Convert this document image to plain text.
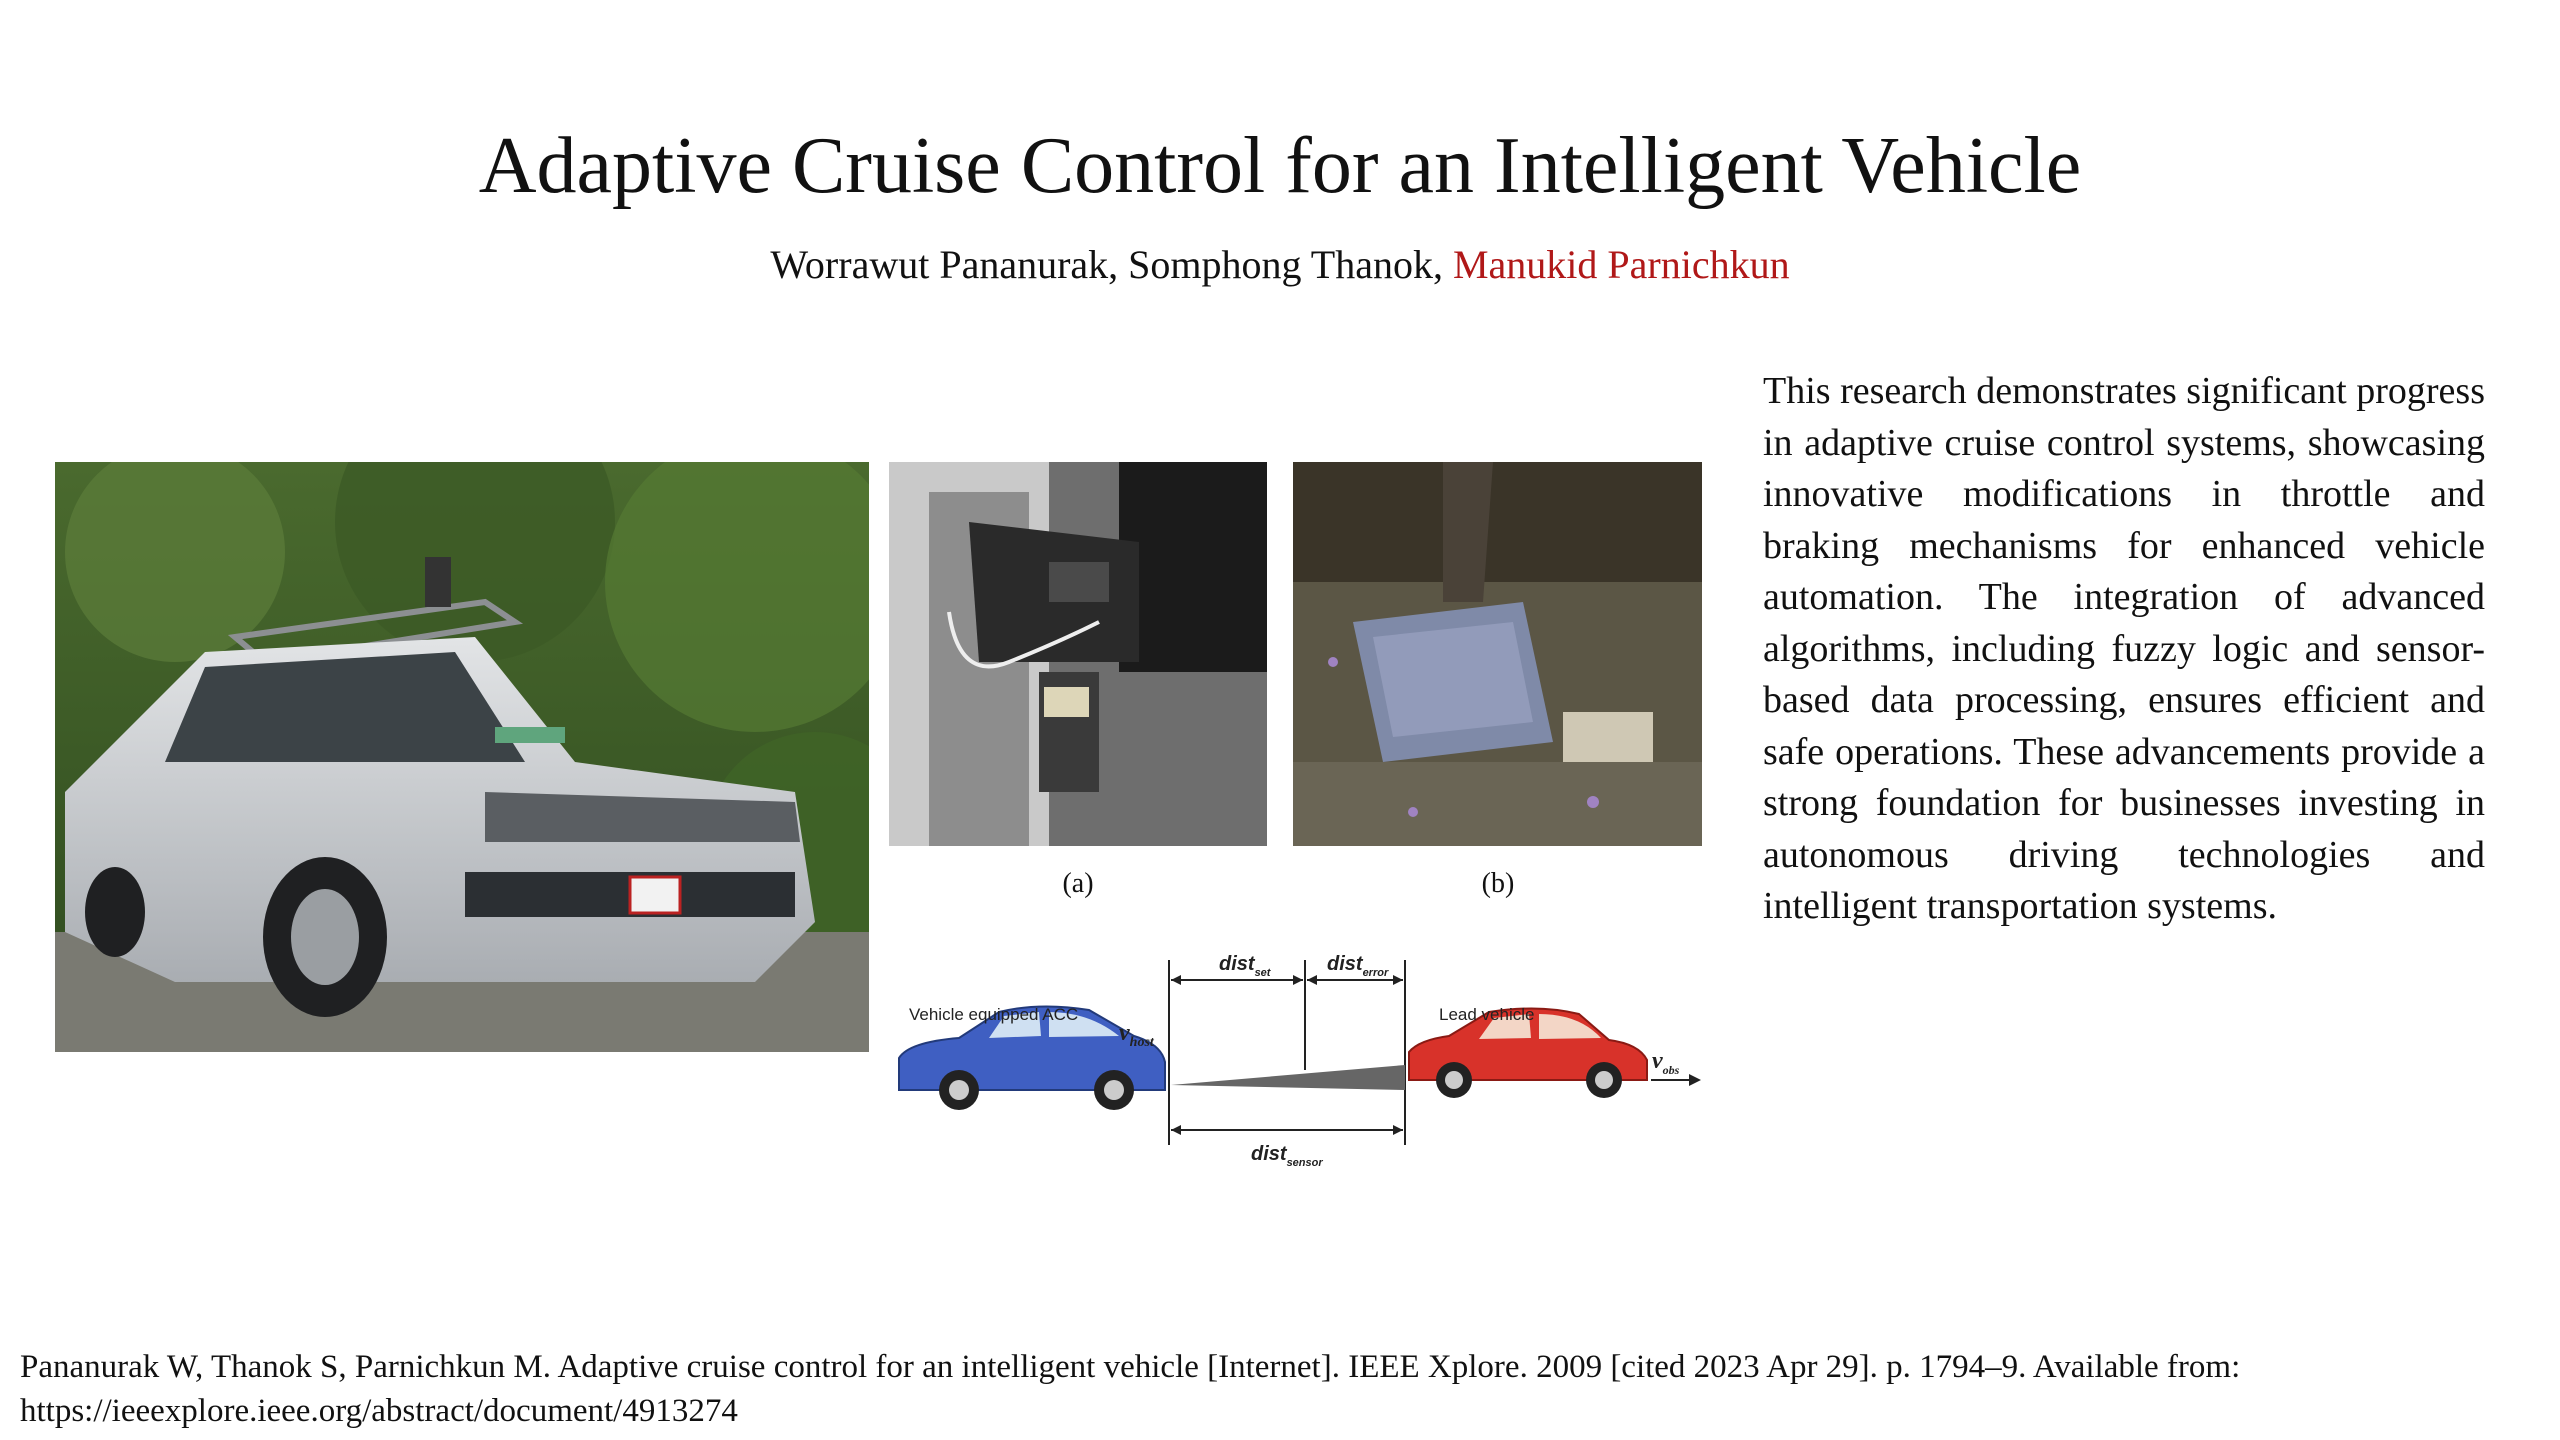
Adaptive Cruise Control for an Intelligent Vehicle
Worrawut Pananurak, Somphong Thanok, Manukid Parnichkun
(a)	(b)
dist$_{set}$	dist$_{error}$
dist$_{sensor}$
Vehicle equipped ACC
$v_{host}$
Lead vehicle
$v_{obs}$
This research demonstrates significant progress in adaptive cruise control systems, showcasing innovative modifications in throttle and braking mechanisms for enhanced vehicle automation. The integration of advanced algorithms, including fuzzy logic and sensor-based data processing, ensures efficient and safe operations. These advancements provide a strong foundation for businesses investing in autonomous driving technologies and intelligent transportation systems.
Pananurak W, Thanok S, Parnichkun M. Adaptive cruise control for an intelligent vehicle [Internet]. IEEE Xplore. 2009 [cited 2023 Apr 29]. p. 1794–9. Available from:
https://ieeexplore.ieee.org/abstract/document/4913274
